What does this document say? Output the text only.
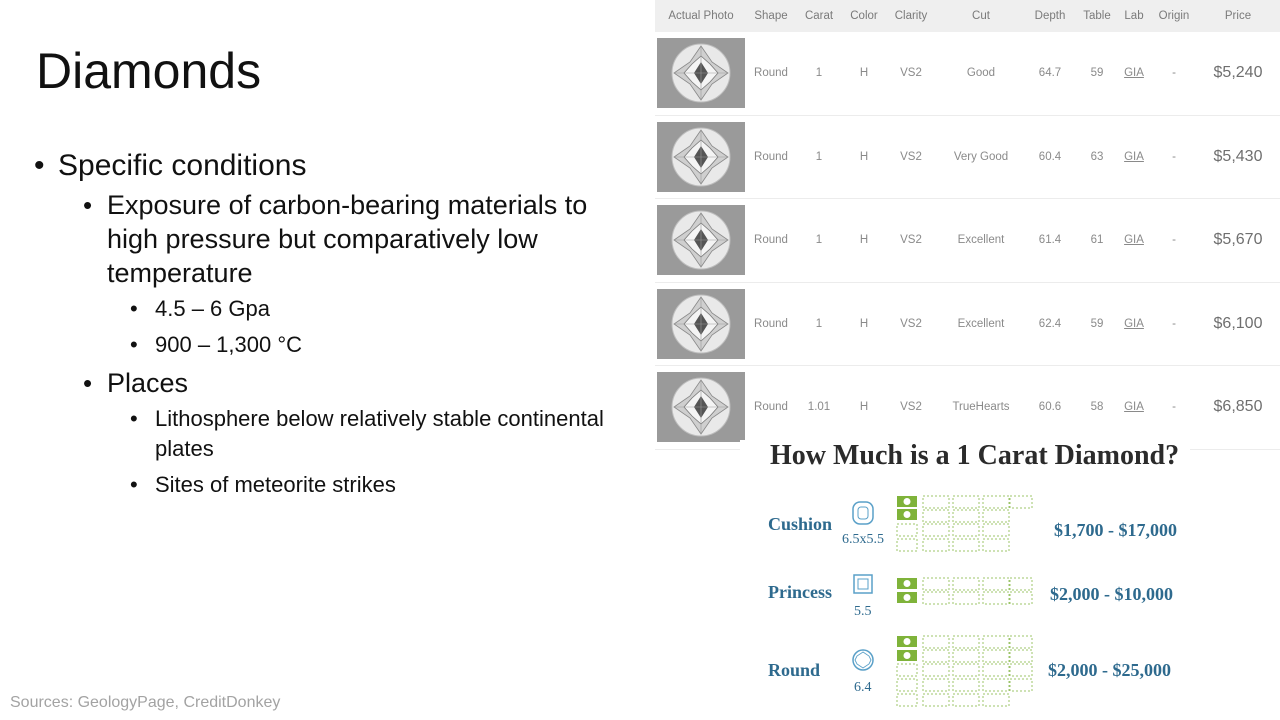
Diamonds
• Specific conditions
• Exposure of carbon-bearing materials to high pressure but comparatively low temperature
• 4.5 – 6 Gpa
• 900 – 1,300 °C
• Places
• Lithosphere below relatively stable continental plates
• Sites of meteorite strikes
Sources: GeologyPage, CreditDonkey
Actual Photo	Shape	Carat	Color	Clarity	Cut	Depth	Table	Lab	Origin	Price
Round	1	H	VS2	Good	64.7	59	GIA	-	$5,240
Round	1	H	VS2	Very Good	60.4	63	GIA	-	$5,430
Round	1	H	VS2	Excellent	61.4	61	GIA	-	$5,670
Round	1	H	VS2	Excellent	62.4	59	GIA	-	$6,100
Round	1.01	H	VS2	TrueHearts	60.6	58	GIA	-	$6,850
How Much is a 1 Carat Diamond?
Cushion
6.5x5.5	$1,700 - $17,000
Princess
5.5
$2,000 - $10,000
Round
6.4
$2,000 - $25,000
